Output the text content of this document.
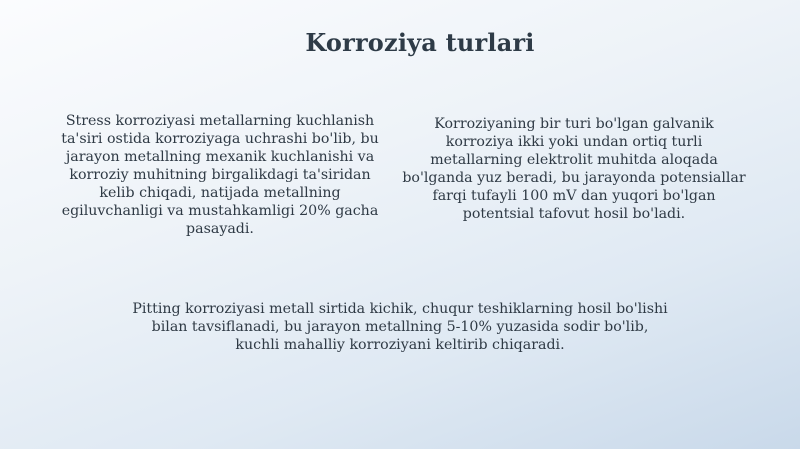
Korroziya turlari

Stress korroziyasi metallarning kuchlanish ta'siri ostida korroziyaga uchrashi bo'lib, bu jarayon metallning mexanik kuchlanishi va korroziy muhitning birgalikdagi ta'siridan kelib chiqadi, natijada metallning egiluvchanligi va mustahkamligi 20% gacha pasayadi.

Korroziyaning bir turi bo'lgan galvanik korroziya ikki yoki undan ortiq turli metallarning elektrolit muhitda aloqada bo'lganda yuz beradi, bu jarayonda potensiallar farqi tufayli 100 mV dan yuqori bo'lgan potentsial tafovut hosil bo'ladi.

Pitting korroziyasi metall sirtida kichik, chuqur teshiklarning hosil bo'lishi bilan tavsiflanadi, bu jarayon metallning 5-10% yuzasida sodir bo'lib, kuchli mahalliy korroziyani keltirib chiqaradi.
